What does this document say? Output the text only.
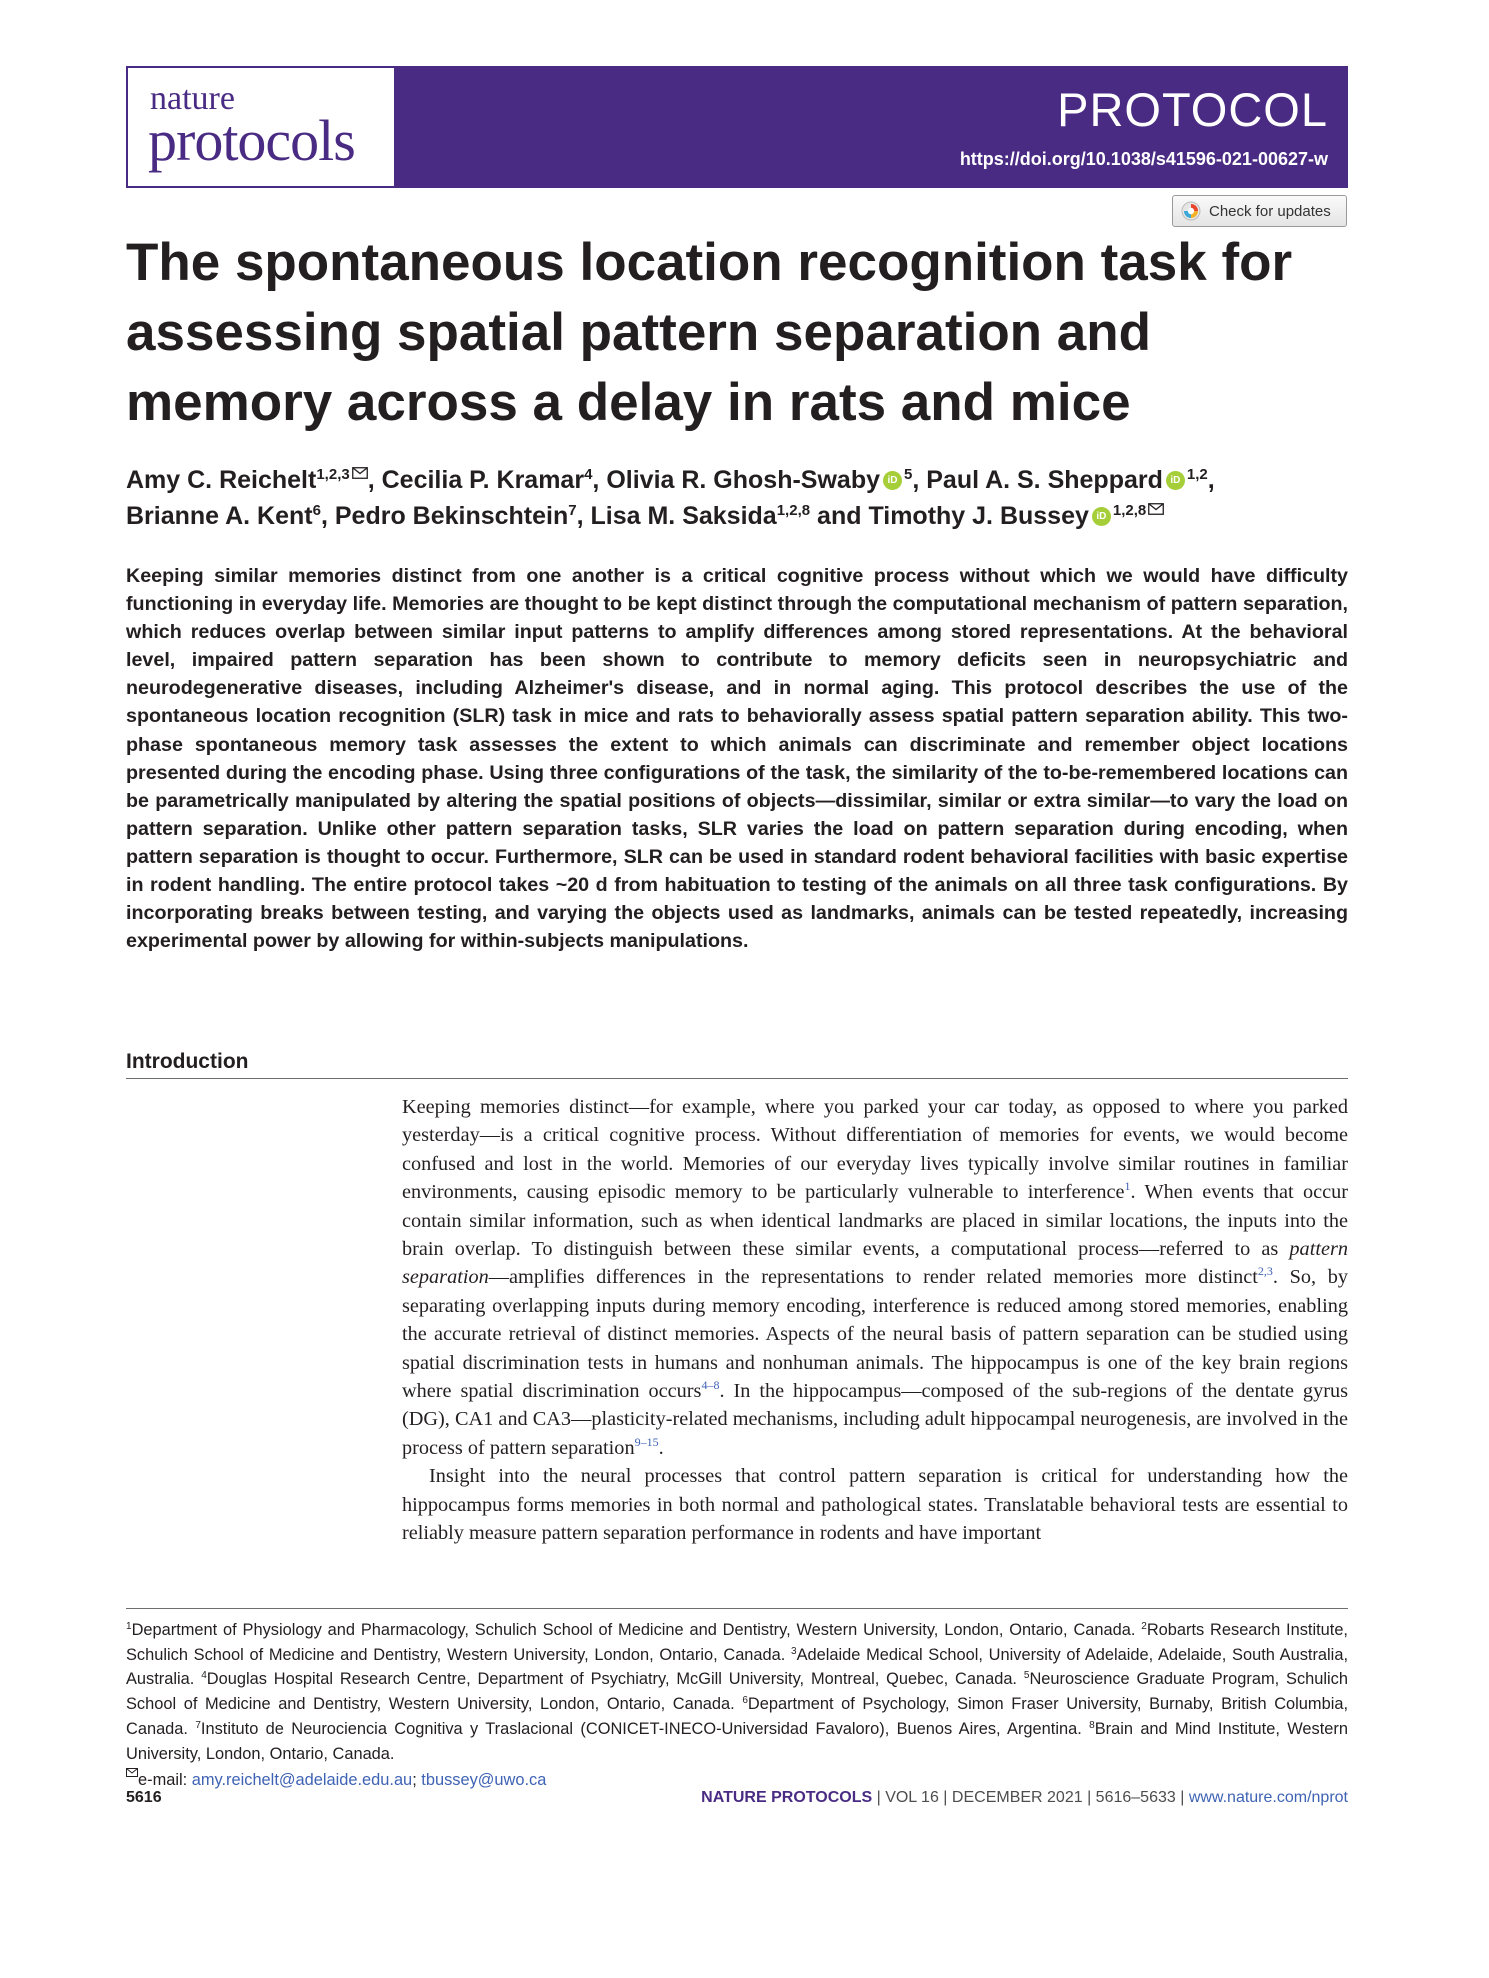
nature
protocols	PROTOCOL
https://doi.org/10.1038/s41596-021-00627-w
Check for updates
The spontaneous location recognition task for assessing spatial pattern separation and memory across a delay in rats and mice
Amy C. Reichelt$^{1,2,3}$ , Cecilia P. Kramar$^4$, Olivia R. Ghosh-Swaby iD $^5$, Paul A. S. Sheppard iD $^{1,2}$,
Brianne A. Kent$^6$, Pedro Bekinschtein$^7$, Lisa M. Saksida$^{1,2,8}$ and Timothy J. Bussey iD $^{1,2,8}$

Keeping similar memories distinct from one another is a critical cognitive process without which we would have difficulty functioning in everyday life. Memories are thought to be kept distinct through the computational mechanism of pattern separation, which reduces overlap between similar input patterns to amplify differences among stored representations. At the behavioral level, impaired pattern separation has been shown to contribute to memory deficits seen in neuropsychiatric and neurodegenerative diseases, including Alzheimer's disease, and in normal aging. This protocol describes the use of the spontaneous location recognition (SLR) task in mice and rats to behaviorally assess spatial pattern separation ability. This two-phase spontaneous memory task assesses the extent to which animals can discriminate and remember object locations presented during the encoding phase. Using three configurations of the task, the similarity of the to-be-remembered locations can be parametrically manipulated by altering the spatial positions of objects—dissimilar, similar or extra similar—to vary the load on pattern separation. Unlike other pattern separation tasks, SLR varies the load on pattern separation during encoding, when pattern separation is thought to occur. Furthermore, SLR can be used in standard rodent behavioral facilities with basic expertise in rodent handling. The entire protocol takes ~20 d from habituation to testing of the animals on all three task configurations. By incorporating breaks between testing, and varying the objects used as landmarks, animals can be tested repeatedly, increasing experimental power by allowing for within-subjects manipulations.

Introduction

Keeping memories distinct—for example, where you parked your car today, as opposed to where you parked yesterday—is a critical cognitive process. Without differentiation of memories for events, we would become confused and lost in the world. Memories of our everyday lives typically involve similar routines in familiar environments, causing episodic memory to be particularly vulnerable to interference$^1$. When events that occur contain similar information, such as when identical landmarks are placed in similar locations, the inputs into the brain overlap. To distinguish between these similar events, a computational process—referred to as pattern separation—amplifies differences in the representations to render related memories more distinct$^{2,3}$. So, by separating overlapping inputs during memory encoding, interference is reduced among stored memories, enabling the accurate retrieval of distinct memories. Aspects of the neural basis of pattern separation can be studied using spatial discrimination tests in humans and nonhuman animals. The hippocampus is one of the key brain regions where spatial discrimination occurs$^{4-8}$. In the hippocampus—composed of the sub-regions of the dentate gyrus (DG), CA1 and CA3—plasticity-related mechanisms, including adult hippocampal neurogenesis, are involved in the process of pattern separation$^{9-15}$.

Insight into the neural processes that control pattern separation is critical for understanding how the hippocampus forms memories in both normal and pathological states. Translatable behavioral tests are essential to reliably measure pattern separation performance in rodents and have important

$^1$Department of Physiology and Pharmacology, Schulich School of Medicine and Dentistry, Western University, London, Ontario, Canada. $^2$Robarts Research Institute, Schulich School of Medicine and Dentistry, Western University, London, Ontario, Canada. $^3$Adelaide Medical School, University of Adelaide, Adelaide, South Australia, Australia. $^4$Douglas Hospital Research Centre, Department of Psychiatry, McGill University, Montreal, Quebec, Canada. $^5$Neuroscience Graduate Program, Schulich School of Medicine and Dentistry, Western University, London, Ontario, Canada. $^6$Department of Psychology, Simon Fraser University, Burnaby, British Columbia, Canada. $^7$Instituto de Neurociencia Cognitiva y Traslacional (CONICET-INECO-Universidad Favaloro), Buenos Aires, Argentina. $^8$Brain and Mind Institute, Western University, London, Ontario, Canada.
e-mail: amy.reichelt@adelaide.edu.au; tbussey@uwo.ca
5616	NATURE PROTOCOLS | VOL 16 | DECEMBER 2021 | 5616–5633 | www.nature.com/nprot
